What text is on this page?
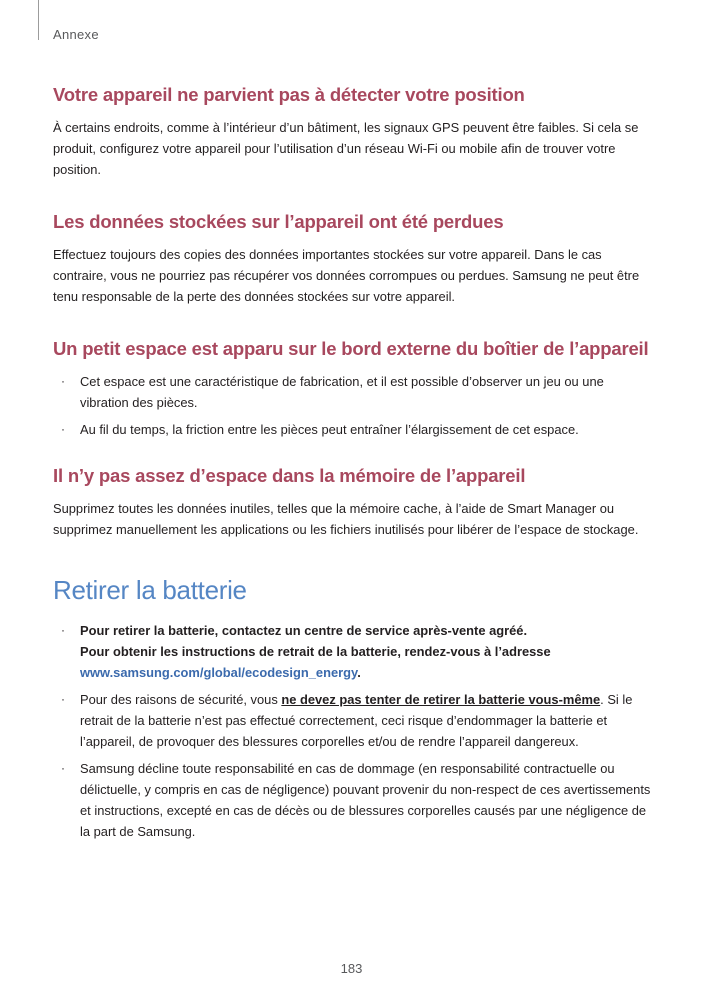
Annexe
Votre appareil ne parvient pas à détecter votre position

À certains endroits, comme à l’intérieur d’un bâtiment, les signaux GPS peuvent être faibles. Si cela se produit, configurez votre appareil pour l’utilisation d’un réseau Wi-Fi ou mobile afin de trouver votre position.

Les données stockées sur l’appareil ont été perdues

Effectuez toujours des copies des données importantes stockées sur votre appareil. Dans le cas contraire, vous ne pourriez pas récupérer vos données corrompues ou perdues. Samsung ne peut être tenu responsable de la perte des données stockées sur votre appareil.

Un petit espace est apparu sur le bord externe du boîtier de l’appareil
· Cet espace est une caractéristique de fabrication, et il est possible d’observer un jeu ou une vibration des pièces.
· Au fil du temps, la friction entre les pièces peut entraîner l’élargissement de cet espace.
Il n’y pas assez d’espace dans la mémoire de l’appareil

Supprimez toutes les données inutiles, telles que la mémoire cache, à l’aide de Smart Manager ou supprimez manuellement les applications ou les fichiers inutilisés pour libérer de l’espace de stockage.

Retirer la batterie
· Pour retirer la batterie, contactez un centre de service après-vente agréé.
Pour obtenir les instructions de retrait de la batterie, rendez-vous à l’adresse
www.samsung.com/global/ecodesign_energy.
· Pour des raisons de sécurité, vous ne devez pas tenter de retirer la batterie vous-même. Si le retrait de la batterie n’est pas effectué correctement, ceci risque d’endommager la batterie et l’appareil, de provoquer des blessures corporelles et/ou de rendre l’appareil dangereux.
· Samsung décline toute responsabilité en cas de dommage (en responsabilité contractuelle ou délictuelle, y compris en cas de négligence) pouvant provenir du non-respect de ces avertissements et instructions, excepté en cas de décès ou de blessures corporelles causés par une négligence de la part de Samsung.
183
